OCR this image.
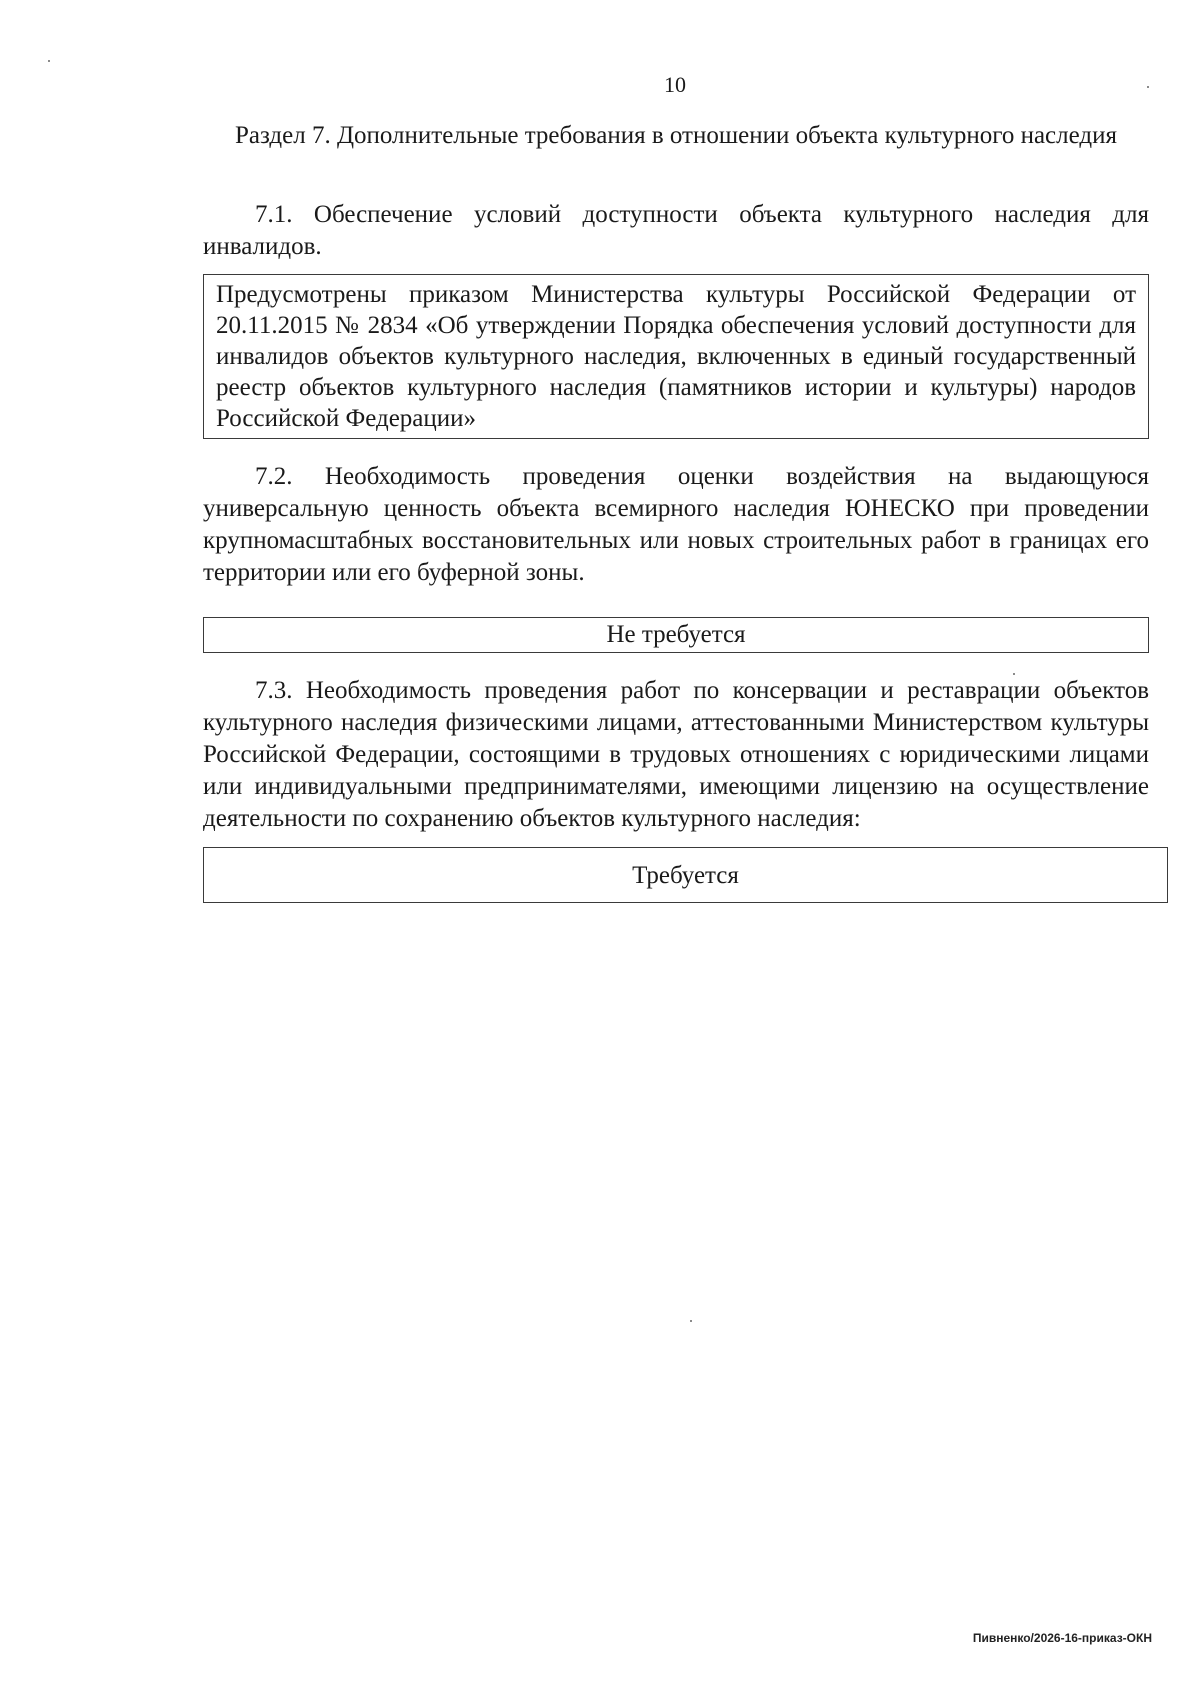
10
Раздел 7. Дополнительные требования в отношении объекта культурного наследия

7.1. Обеспечение условий доступности объекта культурного наследия для инвалидов.

Предусмотрены приказом Министерства культуры Российской Федерации от 20.11.2015 № 2834 «Об утверждении Порядка обеспечения условий доступности для инвалидов объектов культурного наследия, включенных в единый государственный реестр объектов культурного наследия (памятников истории и культуры) народов Российской Федерации»

7.2. Необходимость проведения оценки воздействия на выдающуюся универсальную ценность объекта всемирного наследия ЮНЕСКО при проведении крупномасштабных восстановительных или новых строительных работ в границах его территории или его буферной зоны.

Не требуется

7.3. Необходимость проведения работ по консервации и реставрации объектов культурного наследия физическими лицами, аттестованными Министерством культуры Российской Федерации, состоящими в трудовых отношениях с юридическими лицами или индивидуальными предпринимателями, имеющими лицензию на осуществление деятельности по сохранению объектов культурного наследия:

Требуется
Пивненко/2026-16-приказ-ОКН
